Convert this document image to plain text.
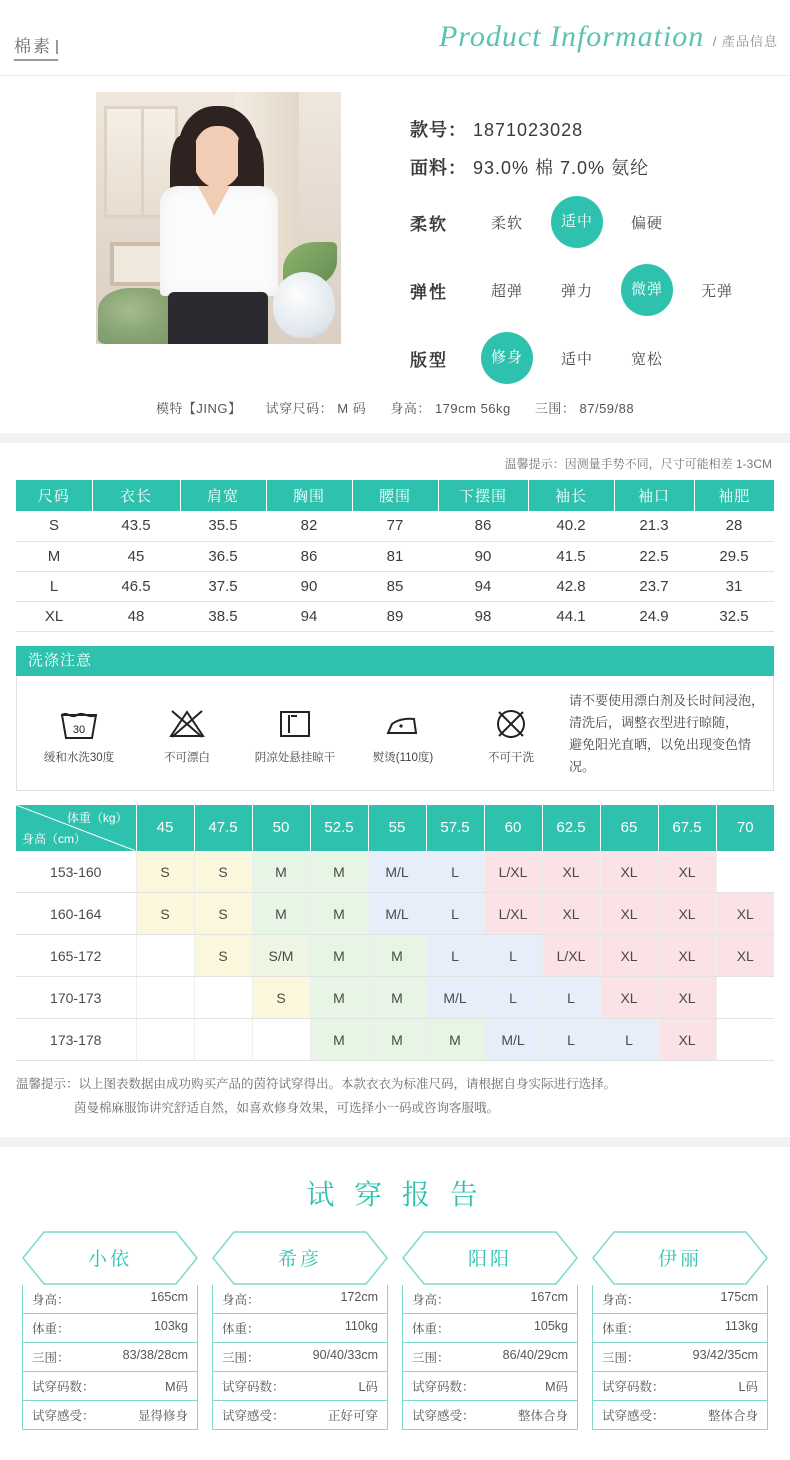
棉素	Product Information / 產品信息
款号： 1871023028
面料： 93.0% 棉 7.0% 氨纶
柔软	柔软	适中	偏硬
弹性	超弹	弹力	微弹	无弹
版型	修身	适中	宽松
模特【JING】 试穿尺码： M 码 身高： 179cm 56kg 三围： 87/59/88
温馨提示：因测量手势不同，尺寸可能相差 1-3CM
尺码	衣长	肩宽	胸围	腰围	下摆围	袖长	袖口	袖肥
S	43.5	35.5	82	77	86	40.2	21.3	28
M	45	36.5	86	81	90	41.5	22.5	29.5
L	46.5	37.5	90	85	94	42.8	23.7	31
XL	48	38.5	94	89	98	44.1	24.9	32.5
洗涤注意
30
缓和水洗30度	不可漂白	阴凉处悬挂晾干	熨烫(110度)	不可干洗
请不要使用漂白剂及长时间浸泡，
清洗后，调整衣型进行晾随，
避免阳光直晒，以免出现变色情况。
体重（kg）
身高（cm）	45	47.5	50	52.5	55	57.5	60	62.5	65	67.5	70
153-160	S	S	M	M	M/L	L	L/XL	XL	XL	XL	
160-164	S	S	M	M	M/L	L	L/XL	XL	XL	XL	XL
165-172		S	S/M	M	M	L	L	L/XL	XL	XL	XL
170-173			S	M	M	M/L	L	L	XL	XL	
173-178				M	M	M	M/L	L	L	XL	
温馨提示：以上图表数据由成功购买产品的茵符试穿得出。本款衣衣为标准尺码，请根据自身实际进行选择。
茵曼棉麻服饰讲究舒适自然，如喜欢修身效果，可选择小一码或咨询客服哦。
试 穿 报 告
小依
身高：	165cm
体重：	103kg
三围：	83/38/28cm
试穿码数：	M码
试穿感受：	显得修身
希彦
身高：	172cm
体重：	110kg
三围：	90/40/33cm
试穿码数：	L码
试穿感受：	正好可穿
阳阳
身高：	167cm
体重：	105kg
三围：	86/40/29cm
试穿码数：	M码
试穿感受：	整体合身
伊丽
身高：	175cm
体重：	113kg
三围：	93/42/35cm
试穿码数：	L码
试穿感受：	整体合身
